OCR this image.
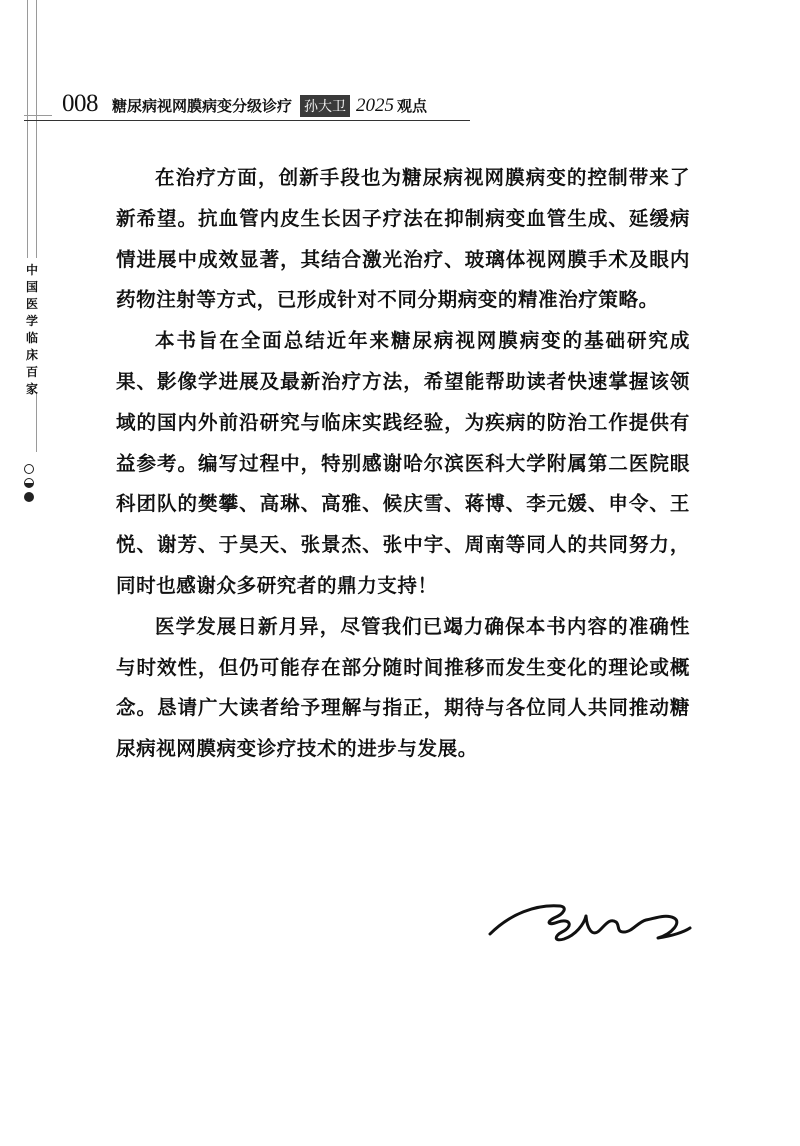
008 糖尿病视网膜病变分级诊疗 孙大卫 2025 观点
中
国
医
学
临
床
百
家

在治疗方面，创新手段也为糖尿病视网膜病变的控制带来了新希望。抗血管内皮生长因子疗法在抑制病变血管生成、延缓病情进展中成效显著，其结合激光治疗、玻璃体视网膜手术及眼内药物注射等方式，已形成针对不同分期病变的精准治疗策略。

本书旨在全面总结近年来糖尿病视网膜病变的基础研究成果、影像学进展及最新治疗方法，希望能帮助读者快速掌握该领域的国内外前沿研究与临床实践经验，为疾病的防治工作提供有益参考。编写过程中，特别感谢哈尔滨医科大学附属第二医院眼科团队的樊攀、高琳、高雅、候庆雪、蒋博、李元媛、申令、王悦、谢芳、于昊天、张景杰、张中宇、周南等同人的共同努力，同时也感谢众多研究者的鼎力支持！

医学发展日新月异，尽管我们已竭力确保本书内容的准确性与时效性，但仍可能存在部分随时间推移而发生变化的理论或概念。恳请广大读者给予理解与指正，期待与各位同人共同推动糖尿病视网膜病变诊疗技术的进步与发展。
